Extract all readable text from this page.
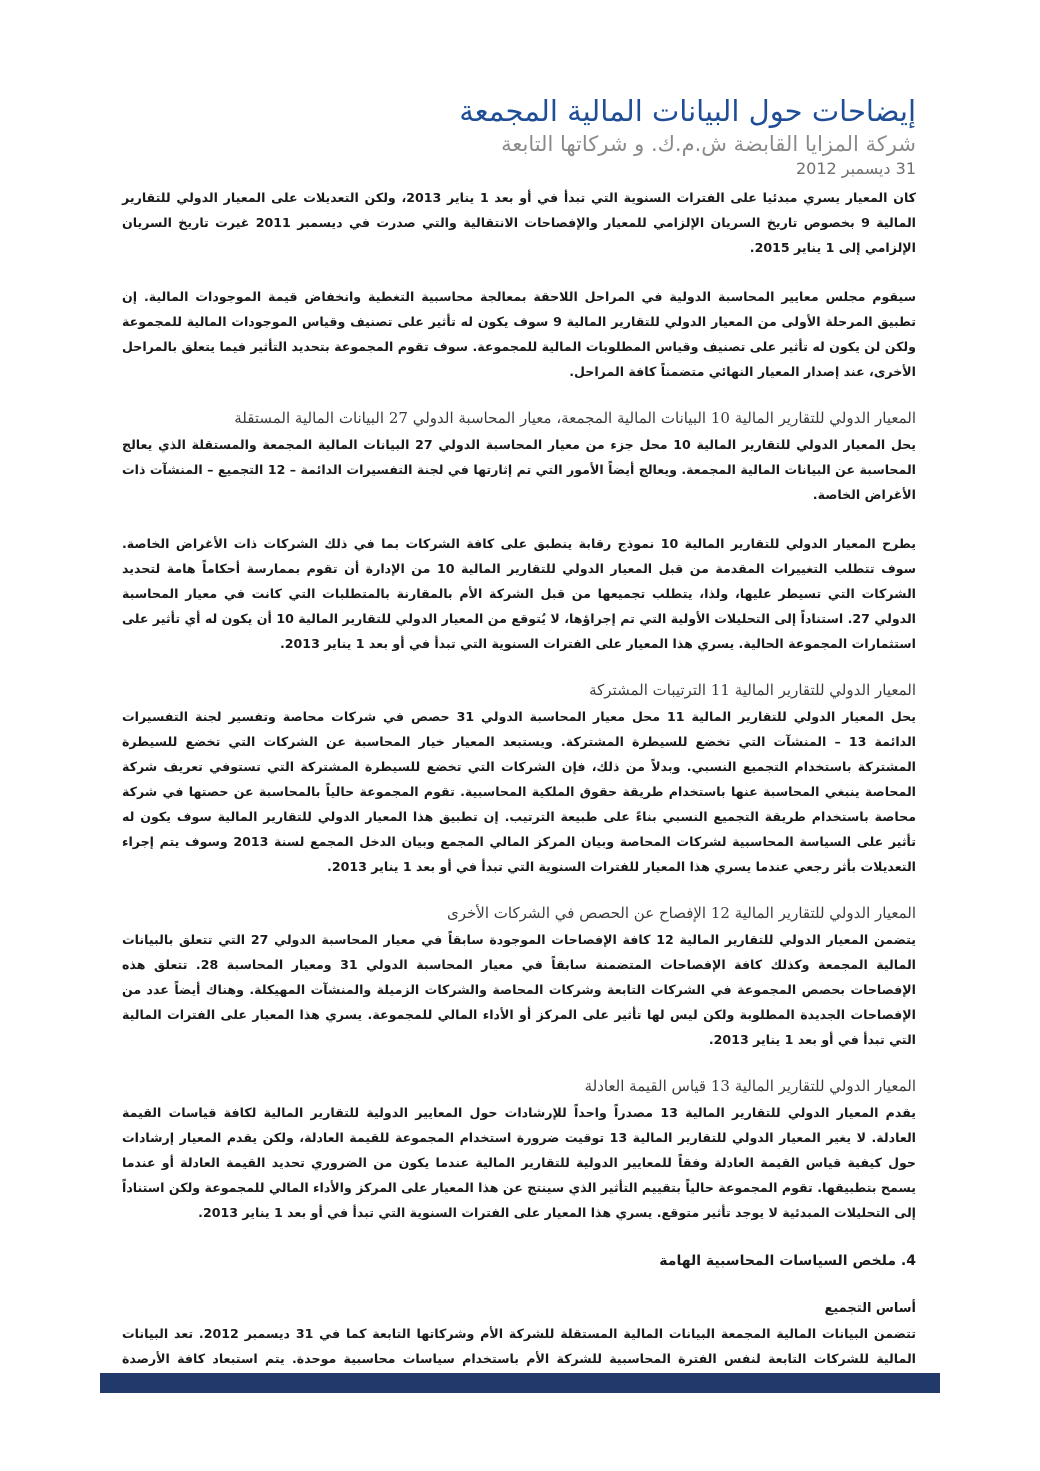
إيضاحات حول البيانات المالية المجمعة
شركة المزايا القابضة ش.م.ك. و شركاتها التابعة
31 ديسمبر 2012

كان المعيار يسري مبدئيا على الفترات السنوية التي تبدأ في أو بعد 1 يناير 2013، ولكن التعديلات على المعيار الدولي للتقارير المالية 9 بخصوص تاريخ السريان الإلزامي للمعيار والإفصاحات الانتقالية والتي صدرت في ديسمبر 2011 غيرت تاريخ السريان الإلزامي إلى 1 يناير 2015.

سيقوم مجلس معايير المحاسبة الدولية في المراحل اللاحقة بمعالجة محاسبية التغطية وانخفاض قيمة الموجودات المالية. إن تطبيق المرحلة الأولى من المعيار الدولي للتقارير المالية 9 سوف يكون له تأثير على تصنيف وقياس الموجودات المالية للمجموعة ولكن لن يكون له تأثير على تصنيف وقياس المطلوبات المالية للمجموعة. سوف تقوم المجموعة بتحديد التأثير فيما يتعلق بالمراحل الأخرى، عند إصدار المعيار النهائي متضمناً كافة المراحل.

المعيار الدولي للتقارير المالية 10 البيانات المالية المجمعة، معيار المحاسبة الدولي 27 البيانات المالية المستقلة

يحل المعيار الدولي للتقارير المالية 10 محل جزء من معيار المحاسبة الدولي 27 البيانات المالية المجمعة والمستقلة الذي يعالج المحاسبة عن البيانات المالية المجمعة. ويعالج أيضاً الأمور التي تم إثارتها في لجنة التفسيرات الدائمة – 12 التجميع – المنشآت ذات الأغراض الخاصة.

يطرح المعيار الدولي للتقارير المالية 10 نموذج رقابة ينطبق على كافة الشركات بما في ذلك الشركات ذات الأغراض الخاصة. سوف تتطلب التغييرات المقدمة من قبل المعيار الدولي للتقارير المالية 10 من الإدارة أن تقوم بممارسة أحكاماً هامة لتحديد الشركات التي تسيطر عليها، ولذا، يتطلب تجميعها من قبل الشركة الأم بالمقارنة بالمتطلبات التي كانت في معيار المحاسبة الدولي 27. استناداً إلى التحليلات الأولية التي تم إجراؤها، لا يُتوقع من المعيار الدولي للتقارير المالية 10 أن يكون له أي تأثير على استثمارات المجموعة الحالية. يسري هذا المعيار على الفترات السنوية التي تبدأ في أو بعد 1 يناير 2013.

المعيار الدولي للتقارير المالية 11 الترتيبات المشتركة

يحل المعيار الدولي للتقارير المالية 11 محل معيار المحاسبة الدولي 31 حصص في شركات محاصة وتفسير لجنة التفسيرات الدائمة 13 – المنشآت التي تخضع للسيطرة المشتركة. ويستبعد المعيار خيار المحاسبة عن الشركات التي تخضع للسيطرة المشتركة باستخدام التجميع النسبي. وبدلاً من ذلك، فإن الشركات التي تخضع للسيطرة المشتركة التي تستوفي تعريف شركة المحاصة ينبغي المحاسبة عنها باستخدام طريقة حقوق الملكية المحاسبية. تقوم المجموعة حالياً بالمحاسبة عن حصتها في شركة محاصة باستخدام طريقة التجميع النسبي بناءً على طبيعة الترتيب. إن تطبيق هذا المعيار الدولي للتقارير المالية سوف يكون له تأثير على السياسة المحاسبية لشركات المحاصة وبيان المركز المالي المجمع وبيان الدخل المجمع لسنة 2013 وسوف يتم إجراء التعديلات بأثر رجعي عندما يسري هذا المعيار للفترات السنوية التي تبدأ في أو بعد 1 يناير 2013.

المعيار الدولي للتقارير المالية 12 الإفصاح عن الحصص في الشركات الأخرى

يتضمن المعيار الدولي للتقارير المالية 12 كافة الإفصاحات الموجودة سابقاً في معيار المحاسبة الدولي 27 التي تتعلق بالبيانات المالية المجمعة وكذلك كافة الإفصاحات المتضمنة سابقاً في معيار المحاسبة الدولي 31 ومعيار المحاسبة 28. تتعلق هذه الإفصاحات بحصص المجموعة في الشركات التابعة وشركات المحاصة والشركات الزميلة والمنشآت المهيكلة. وهناك أيضاً عدد من الإفصاحات الجديدة المطلوبة ولكن ليس لها تأثير على المركز أو الأداء المالي للمجموعة. يسري هذا المعيار على الفترات المالية التي تبدأ في أو بعد 1 يناير 2013.

المعيار الدولي للتقارير المالية 13 قياس القيمة العادلة

يقدم المعيار الدولي للتقارير المالية 13 مصدراً واحداً للإرشادات حول المعايير الدولية للتقارير المالية لكافة قياسات القيمة العادلة. لا يغير المعيار الدولي للتقارير المالية 13 توقيت ضرورة استخدام المجموعة للقيمة العادلة، ولكن يقدم المعيار إرشادات حول كيفية قياس القيمة العادلة وفقاً للمعايير الدولية للتقارير المالية عندما يكون من الضروري تحديد القيمة العادلة أو عندما يسمح بتطبيقها. تقوم المجموعة حالياً بتقييم التأثير الذي سينتج عن هذا المعيار على المركز والأداء المالي للمجموعة ولكن استناداً إلى التحليلات المبدئية لا يوجد تأثير متوقع. يسري هذا المعيار على الفترات السنوية التي تبدأ في أو بعد 1 يناير 2013.

4. ملخص السياسات المحاسبية الهامة
أساس التجميع

تتضمن البيانات المالية المجمعة البيانات المالية المستقلة للشركة الأم وشركاتها التابعة كما في 31 ديسمبر 2012. تعد البيانات المالية للشركات التابعة لنفس الفترة المحاسبية للشركة الأم باستخدام سياسات محاسبية موحدة. يتم استبعاد كافة الأرصدة
